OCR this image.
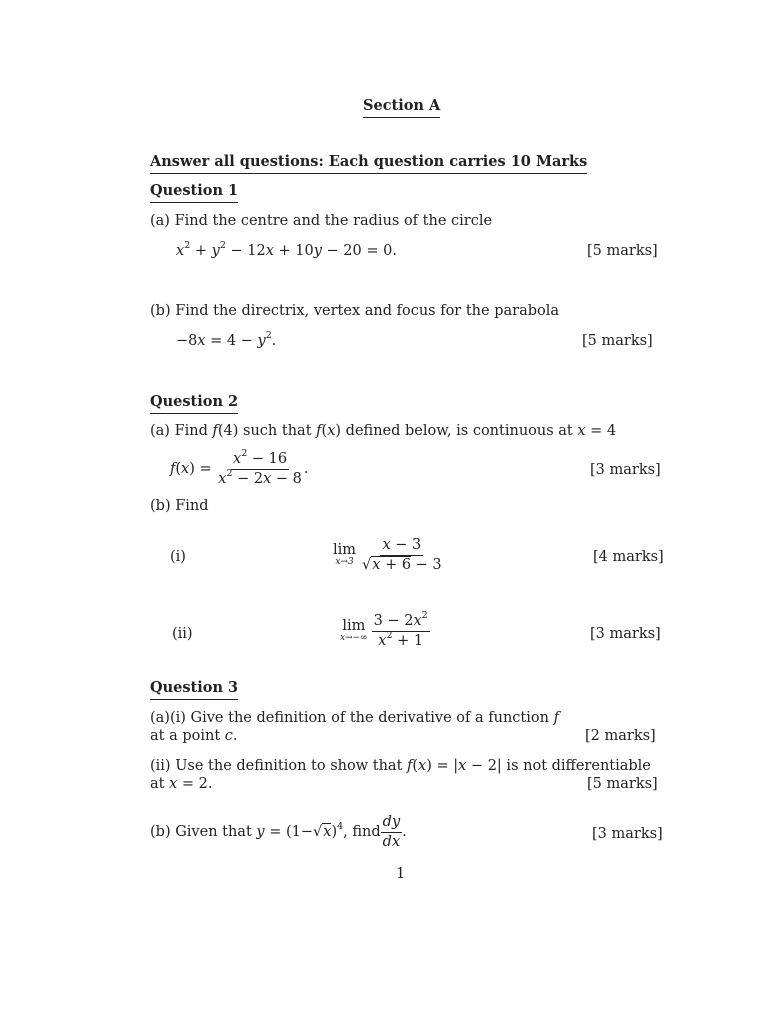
Section A
Answer all questions: Each question carries 10 Marks
Question 1
(a) Find the centre and the radius of the circle
$x^2 + y^2 - 12x + 10y - 20 = 0$.	[5 marks]
(b) Find the directrix, vertex and focus for the parabola
$-8x = 4 - y^2$.	[5 marks]
Question 2
(a) Find f(4) such that f(x) defined below, is continuous at x = 4
$f(x) = \frac{x^2 - 16}{x^2 - 2x - 8}$ .	[3 marks]
(b) Find
(i)	lim
$x\to 3 \frac{x - 3}{√x + 6 - 3}$	[4 marks]
(ii)
lim
$x\to-\infty \frac{3 - 2x^2}{x^2 + 1}$	[3 marks]
Question 3
(a)(i) Give the definition of the derivative of a function f
at a point c.	[2 marks]
(ii) Use the definition to show that f(x) = |x − 2| is not differentiable
at x = 2.	[5 marks]
(b) Given that $y = (1-√x)^4$ , find $\frac{dy}{dx}$ .	[3 marks]
1
